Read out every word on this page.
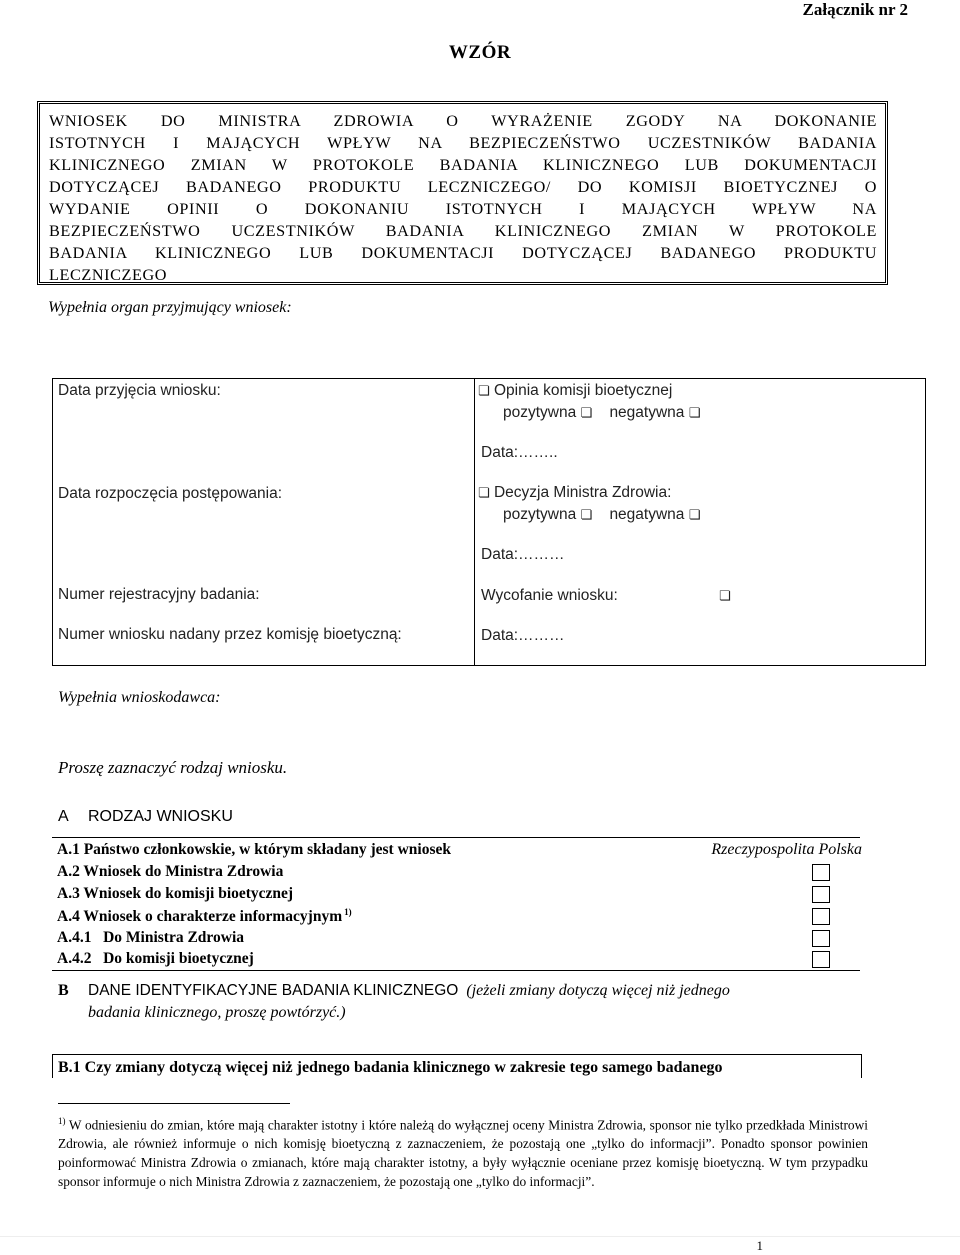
Załącznik nr 2
WZÓR
WNIOSEK DO MINISTRA ZDROWIA O WYRAŻENIE ZGODY NA DOKONANIE
ISTOTNYCH I MAJĄCYCH WPŁYW NA BEZPIECZEŃSTWO UCZESTNIKÓW BADANIA
KLINICZNEGO ZMIAN W PROTOKOLE BADANIA KLINICZNEGO LUB DOKUMENTACJI
DOTYCZĄCEJ BADANEGO PRODUKTU LECZNICZEGO/ DO KOMISJI BIOETYCZNEJ O
WYDANIE OPINII O DOKONANIU ISTOTNYCH I MAJĄCYCH WPŁYW NA
BEZPIECZEŃSTWO UCZESTNIKÓW BADANIA KLINICZNEGO ZMIAN W PROTOKOLE
BADANIA KLINICZNEGO LUB DOKUMENTACJI DOTYCZĄCEJ BADANEGO PRODUKTU
LECZNICZEGO
Wypełnia organ przyjmujący wniosek:
Data przyjęcia wniosku:
Data rozpoczęcia postępowania:
Numer rejestracyjny badania:
Numer wniosku nadany przez komisję bioetyczną:
❏ Opinia komisji bioetycznej
pozytywna ❏ negatywna ❏
Data:……..
❏ Decyzja Ministra Zdrowia:
pozytywna ❏ negatywna ❏
Data:………
Wycofanie wniosku:	❏
Data:………
Wypełnia wnioskodawca:
Proszę zaznaczyć rodzaj wniosku.
A RODZAJ WNIOSKU
A.1 Państwo członkowskie, w którym składany jest wniosek	Rzeczypospolita Polska
A.2 Wniosek do Ministra Zdrowia
A.3 Wniosek do komisji bioetycznej
A.4 Wniosek o charakterze informacyjnym $^{1)}$
A.4.1   Do Ministra Zdrowia
A.4.2   Do komisji bioetycznej
B DANE IDENTYFIKACYJNE BADANIA KLINICZNEGO (jeżeli zmiany dotyczą więcej niż jednego
badania klinicznego, proszę powtórzyć.)
B.1 Czy zmiany dotyczą więcej niż jednego badania klinicznego w zakresie tego samego badanego
$^{1)}$ W odniesieniu do zmian, które mają charakter istotny i które należą do wyłącznej oceny Ministra Zdrowia, sponsor nie tylko przedkłada Ministrowi Zdrowia, ale również informuje o nich komisję bioetyczną z zaznaczeniem, że pozostają one „tylko do informacji”. Ponadto sponsor powinien poinformować Ministra Zdrowia o zmianach, które mają charakter istotny, a były wyłącznie oceniane przez komisję bioetyczną. W tym przypadku sponsor informuje o nich Ministra Zdrowia z zaznaczeniem, że pozostają one „tylko do informacji”.
1
